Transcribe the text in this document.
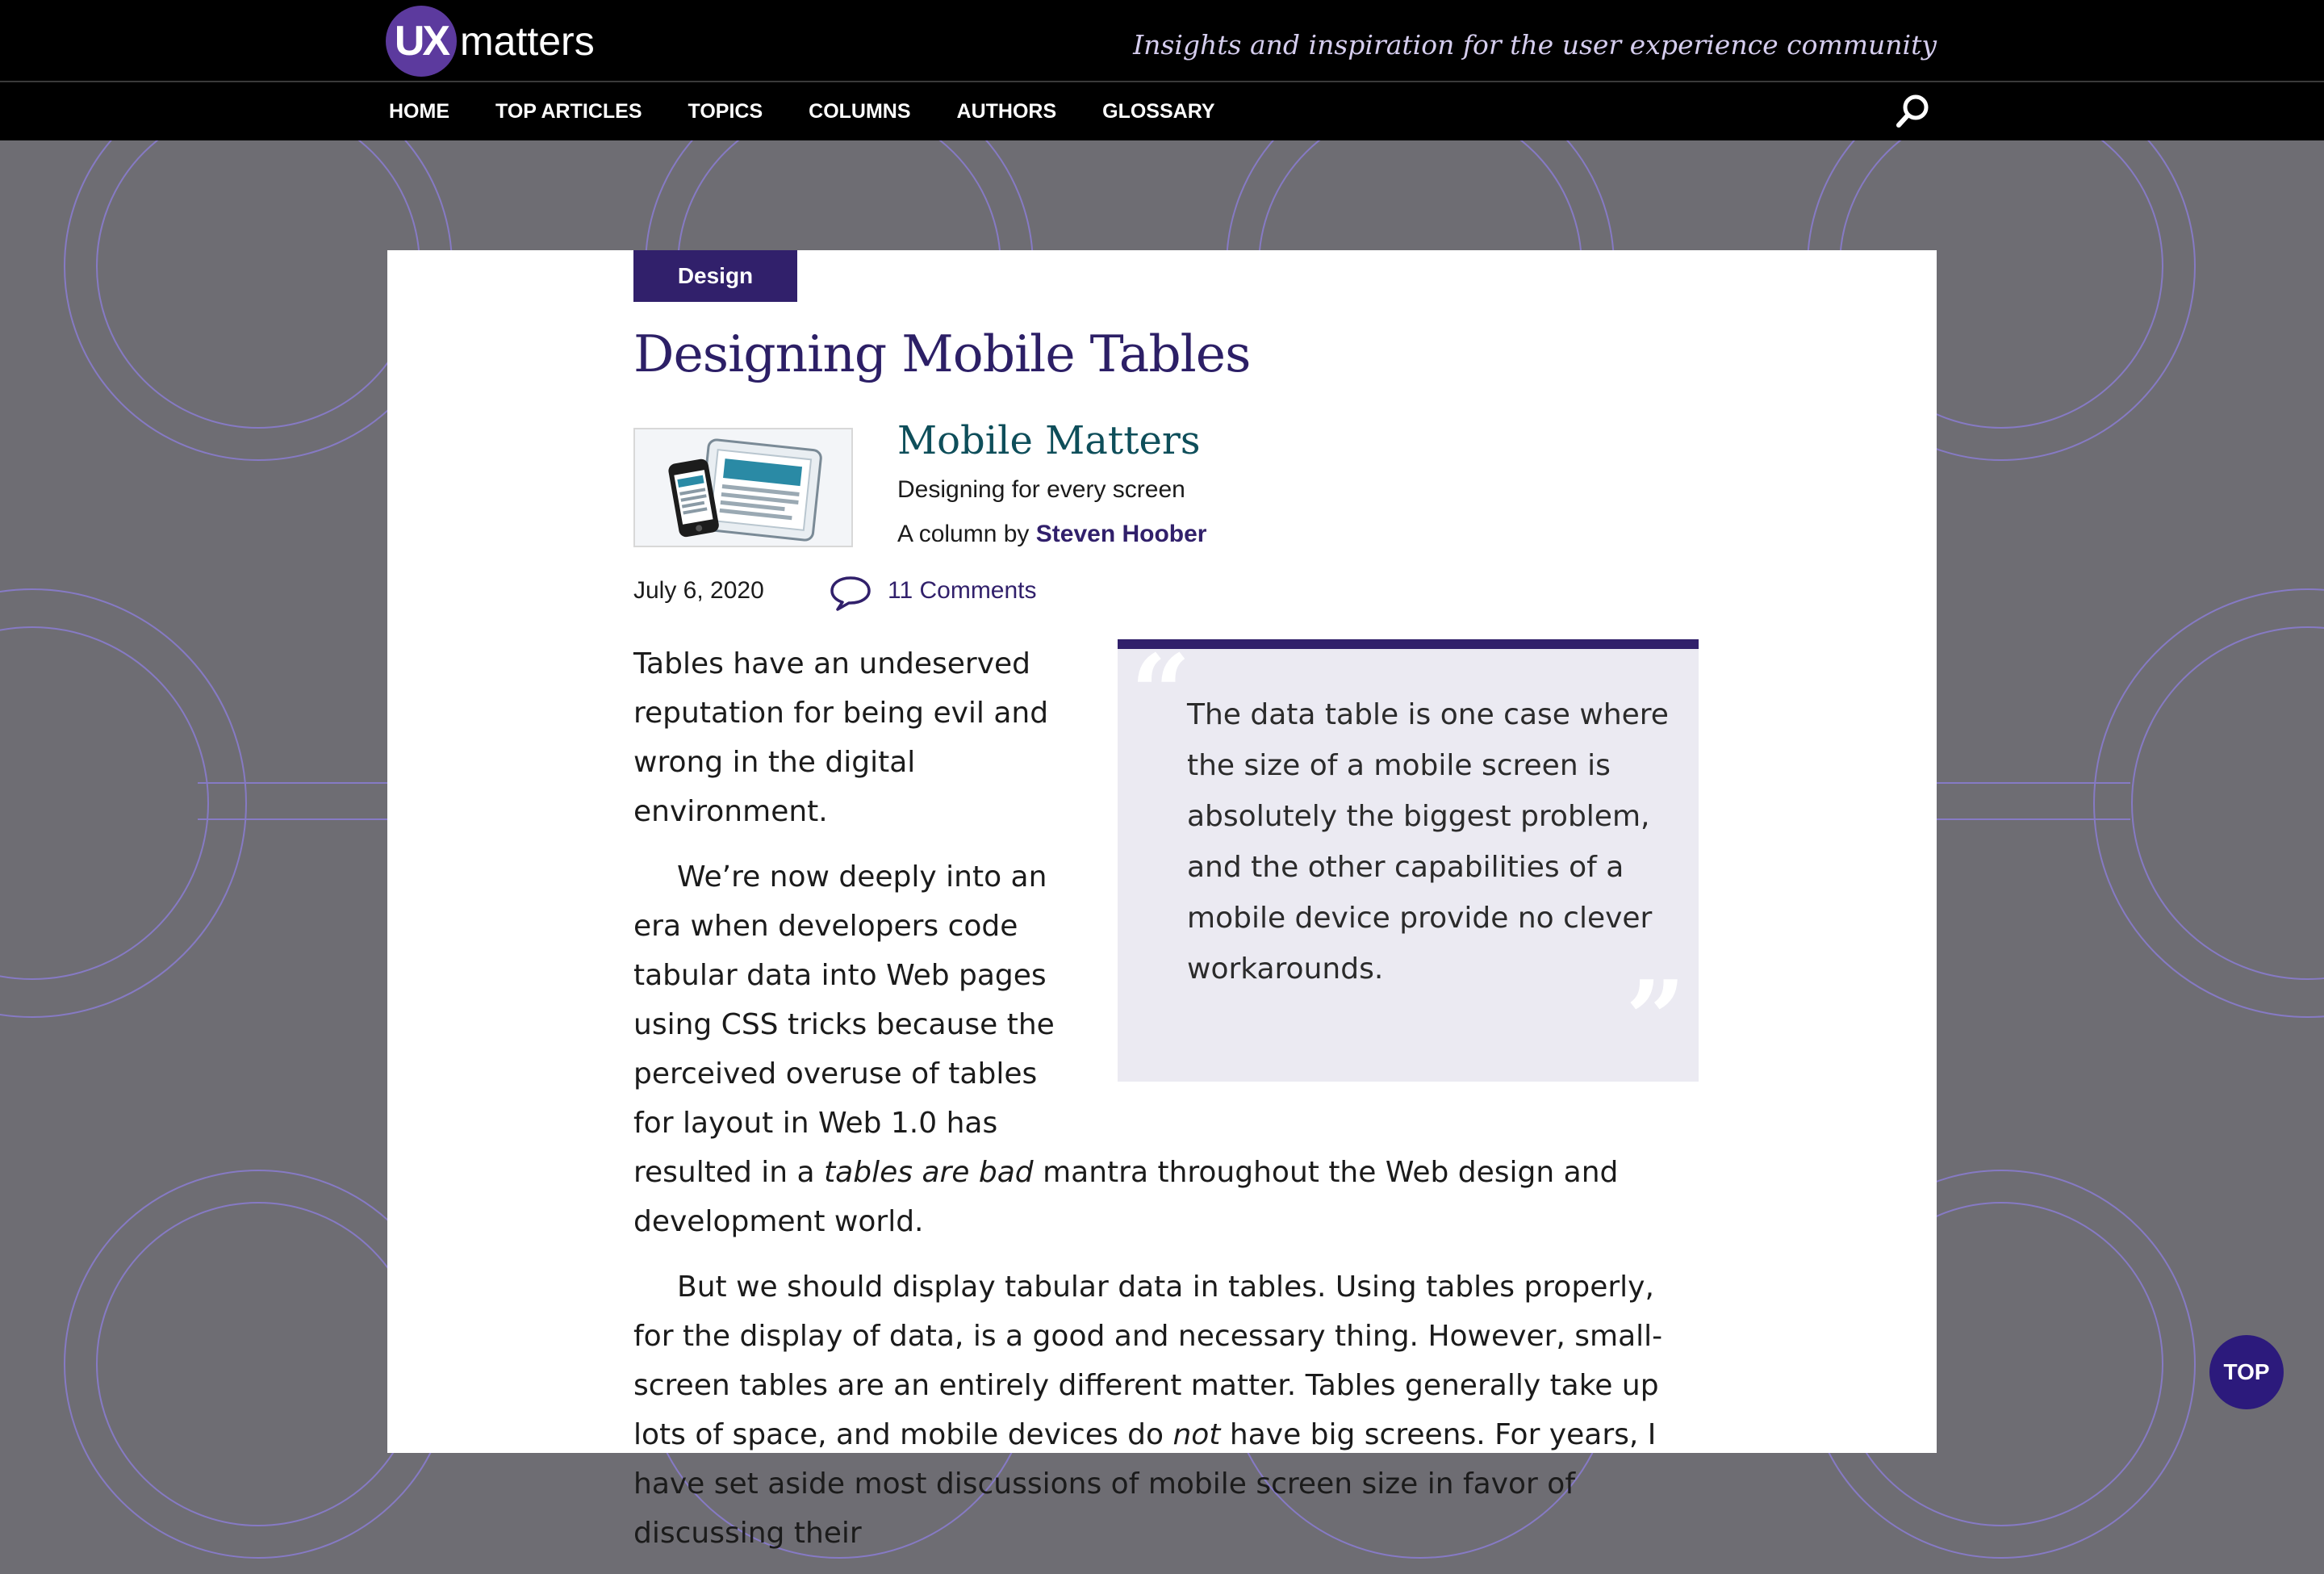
UX matters	Insights and inspiration for the user experience community
HOME TOP ARTICLES TOPICS COLUMNS AUTHORS GLOSSARY
Design
Designing Mobile Tables
Mobile Matters
Designing for every screen
A column by Steven Hoober
July 6, 2020	11 Comments
“
The data table is one case where the size of a mobile screen is absolutely the biggest problem, and the other capabilities of a mobile device provide no clever workarounds.	”

Tables have an undeserved reputation for being evil and wrong in the digital environment.

We’re now deeply into an era when developers code tabular data into Web pages using CSS tricks because the perceived overuse of tables for layout in Web 1.0 has resulted in a tables are bad mantra throughout the Web design and development world.

But we should display tabular data in tables. Using tables properly, for the display of data, is a good and necessary thing. However, small-screen tables are an entirely different matter. Tables generally take up lots of space, and mobile devices do not have big screens. For years, I have set aside most discussions of mobile screen size in favor of discussing their

TOP
